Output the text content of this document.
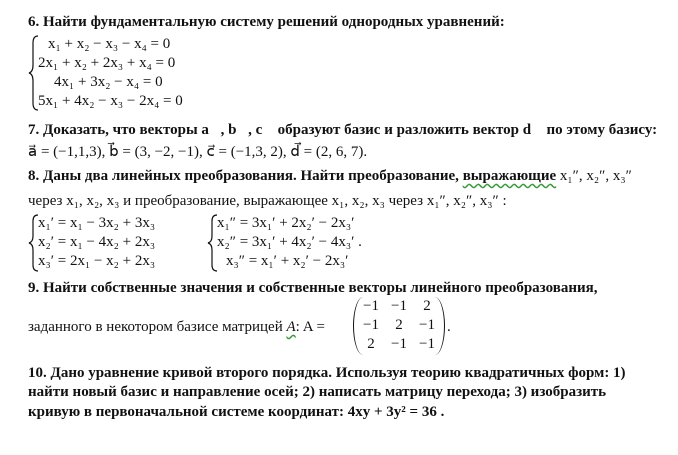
6. Найти фундаментальную систему решений однородных уравнений:
x₁ + x₂ − x₃ − x₄ = 0
2x₁ + x₂ + 2x₃ + x₄ = 0
4x₁ + 3x₂ − x₄ = 0
5x₁ + 4x₂ − x₃ − 2x₄ = 0
7. Доказать, что векторы a⃗, b⃗, c⃗ образуют базис и разложить вектор d⃗ по этому базису:
a⃗ = (−1,1,3), b⃗ = (3, −2, −1), c⃗ = (−1,3, 2), d⃗ = (2, 6, 7).
8. Даны два линейных преобразования. Найти преобразование, выражающие x₁″, x₂″, x₃″
через x₁, x₂, x₃ и преобразование, выражающее x₁, x₂, x₃ через x₁″, x₂″, x₃″ :
x₁′ = x₁ − 3x₂ + 3x₃
x₂′ = x₁ − 4x₂ + 2x₃
x₃′ = 2x₁ − x₂ + 2x₃
x₁″ = 3x₁′ + 2x₂′ − 2x₃′
x₂″ = 3x₁′ + 4x₂′ − 4x₃′ .
x₃″ = x₁′ + x₂′ − 2x₃′
9. Найти собственные значения и собственные векторы линейного преобразования,
заданного в некотором базисе матрицей A: A =
−1	−1	2
−1	2	−1
2	−1	−1
.
10. Дано уравнение кривой второго порядка. Используя теорию квадратичных форм: 1)
найти новый базис и направление осей; 2) написать матрицу перехода; 3) изобразить
кривую в первоначальной системе координат: 4xy + 3y² = 36 .
